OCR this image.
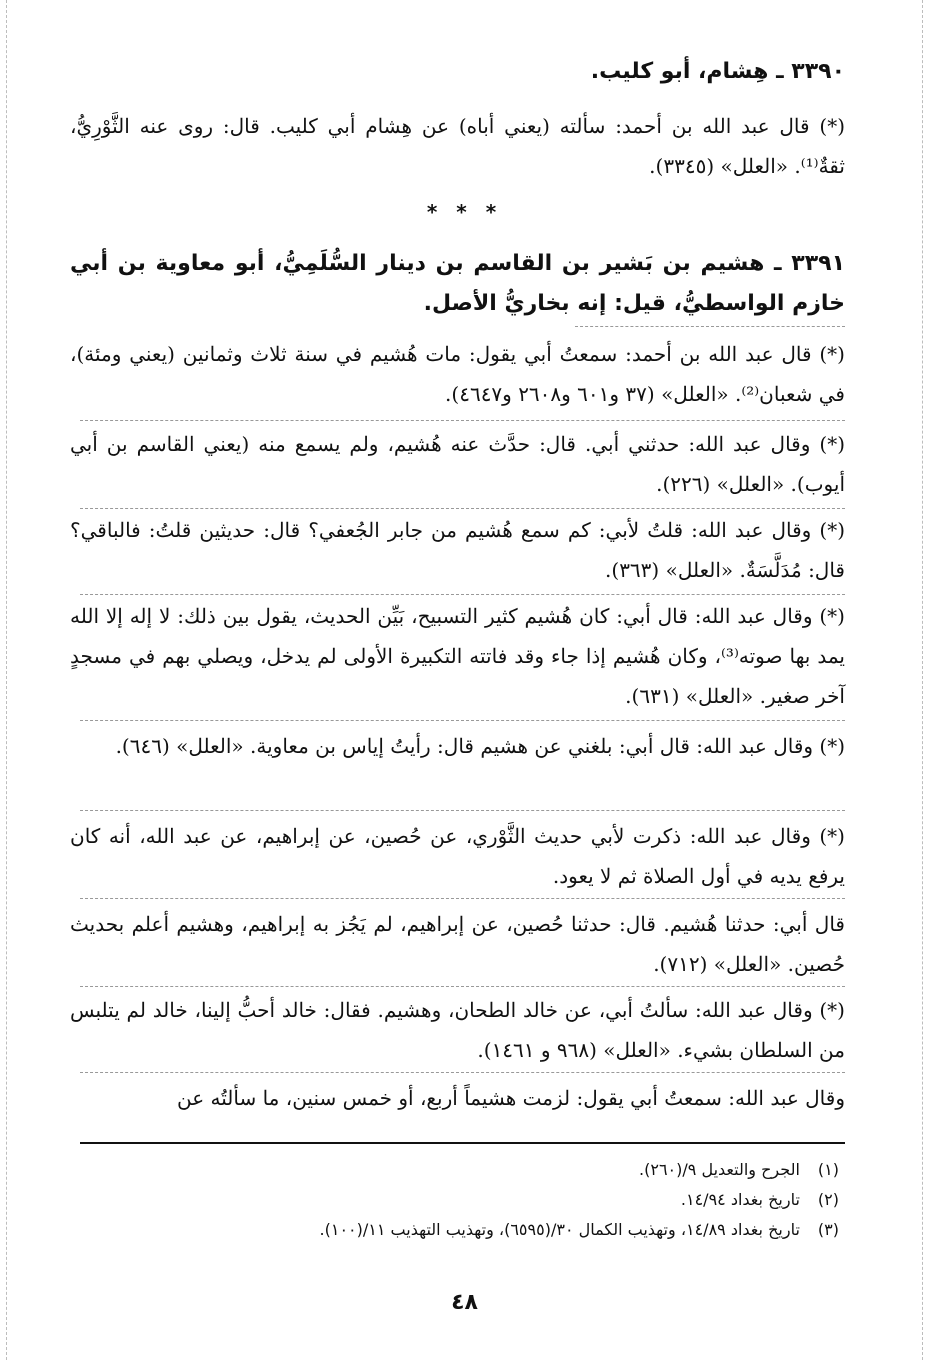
٣٣٩٠ ـ هِشام، أبو كليب.
(*) قال عبد الله بن أحمد: سألته (يعني أباه) عن هِشام أبي كليب. قال: روى عنه الثَّوْرِيُّ، ثقةٌ⁽¹⁾. «العلل» (٣٣٤٥).
* * *
٣٣٩١ ـ هشيم بن بَشير بن القاسم بن دينار السُّلَمِيُّ، أبو معاوية بن أبي خازم الواسطيُّ، قيل: إنه بخاريُّ الأصل.
(*) قال عبد الله بن أحمد: سمعتُ أبي يقول: مات هُشيم في سنة ثلاث وثمانين (يعني ومئة)، في شعبان⁽²⁾. «العلل» (٣٧ و٦٠١ و٢٦٠٨ و٤٦٤٧).
(*) وقال عبد الله: حدثني أبي. قال: حدَّث عنه هُشيم، ولم يسمع منه (يعني القاسم بن أبي أيوب). «العلل» (٢٢٦).
(*) وقال عبد الله: قلتُ لأبي: كم سمع هُشيم من جابر الجُعفي؟ قال: حديثين قلتُ: فالباقي؟ قال: مُدَلَّسَةٌ. «العلل» (٣٦٣).
(*) وقال عبد الله: قال أبي: كان هُشيم كثير التسبيح، بَيِّن الحديث، يقول بين ذلك: لا إله إلا الله يمد بها صوته⁽³⁾، وكان هُشيم إذا جاء وقد فاتته التكبيرة الأولى لم يدخل، ويصلي بهم في مسجدٍ آخر صغير. «العلل» (٦٣١).
(*) وقال عبد الله: قال أبي: بلغني عن هشيم قال: رأيتُ إياس بن معاوية. «العلل» (٦٤٦).
(*) وقال عبد الله: ذكرت لأبي حديث الثَّوْري، عن حُصين، عن إبراهيم، عن عبد الله، أنه كان يرفع يديه في أول الصلاة ثم لا يعود.
قال أبي: حدثنا هُشيم. قال: حدثنا حُصين، عن إبراهيم، لم يَجُز به إبراهيم، وهشيم أعلم بحديث حُصين. «العلل» (٧١٢).
(*) وقال عبد الله: سألتُ أبي، عن خالد الطحان، وهشيم. فقال: خالد أحبُّ إلينا، خالد لم يتلبس من السلطان بشيء. «العلل» (٩٦٨ و ١٤٦١).
وقال عبد الله: سمعتُ أبي يقول: لزمت هشيماً أربع، أو خمس سنين، ما سألتُه عن
(١) الجرح والتعديل ٩/(٢٦٠).
(٢) تاريخ بغداد ١٤/٩٤.
(٣) تاريخ بغداد ١٤/٨٩، وتهذيب الكمال ٣٠/(٦٥٩٥)، وتهذيب التهذيب ١١/(١٠٠).
٤٨
